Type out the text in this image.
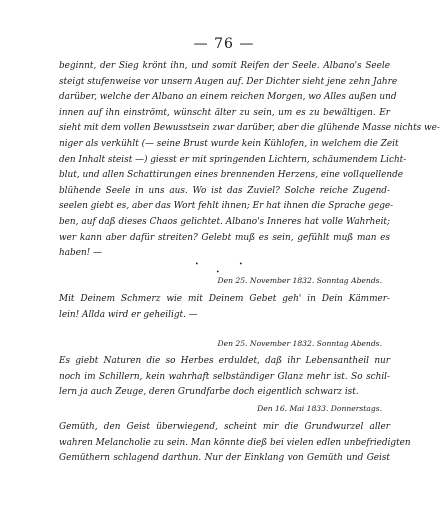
— 76 —

beginnt, der Sieg krönt ihn, und somit Reifen der Seele. Albano's Seele
steigt stufenweise vor unsern Augen auf. Der Dichter sieht jene zehn Jahre
darüber, welche der Albano an einem reichen Morgen, wo Alles außen und
innen auf ihn einströmt, wünscht älter zu sein, um es zu bewältigen. Er
sieht mit dem vollen Bewusstsein zwar darüber, aber die glühende Masse nichts we-
niger als verkühlt (— seine Brust wurde kein Kühlofen, in welchem die Zeit
den Inhalt steist —) giesst er mit springenden Lichtern, schäumendem Licht-
blut, und allen Schattirungen eines brennenden Herzens, eine vollquellende
blühende Seele in uns aus. Wo ist das Zuviel? Solche reiche Zugend-
seelen giebt es, aber das Wort fehlt ihnen; Er hat ihnen die Sprache gege-
ben, auf daß dieses Chaos gelichtet. Albano's Inneres hat volle Wahrheit;
wer kann aber dafür streiten? Gelebt muß es sein, gefühlt muß man es
haben! —

•	•
•
Den 25. November 1832. Sonntag Abends.

Mit Deinem Schmerz wie mit Deinem Gebet geh' in Dein Kämmer-
lein! Allda wird er geheiligt. —

Den 25. November 1832. Sonntag Abends.

Es giebt Naturen die so Herbes erduldet, daß ihr Lebensantheil nur
noch im Schillern, kein wahrhaft selbständiger Glanz mehr ist. So schil-
lern ja auch Zeuge, deren Grundfarbe doch eigentlich schwarz ist.

Den 16. Mai 1833. Donnerstags.

Gemüth, den Geist überwiegend, scheint mir die Grundwurzel aller
wahren Melancholie zu sein. Man könnte dieß bei vielen edlen unbefriedigten
Gemüthern schlagend darthun. Nur der Einklang von Gemüth und Geist
